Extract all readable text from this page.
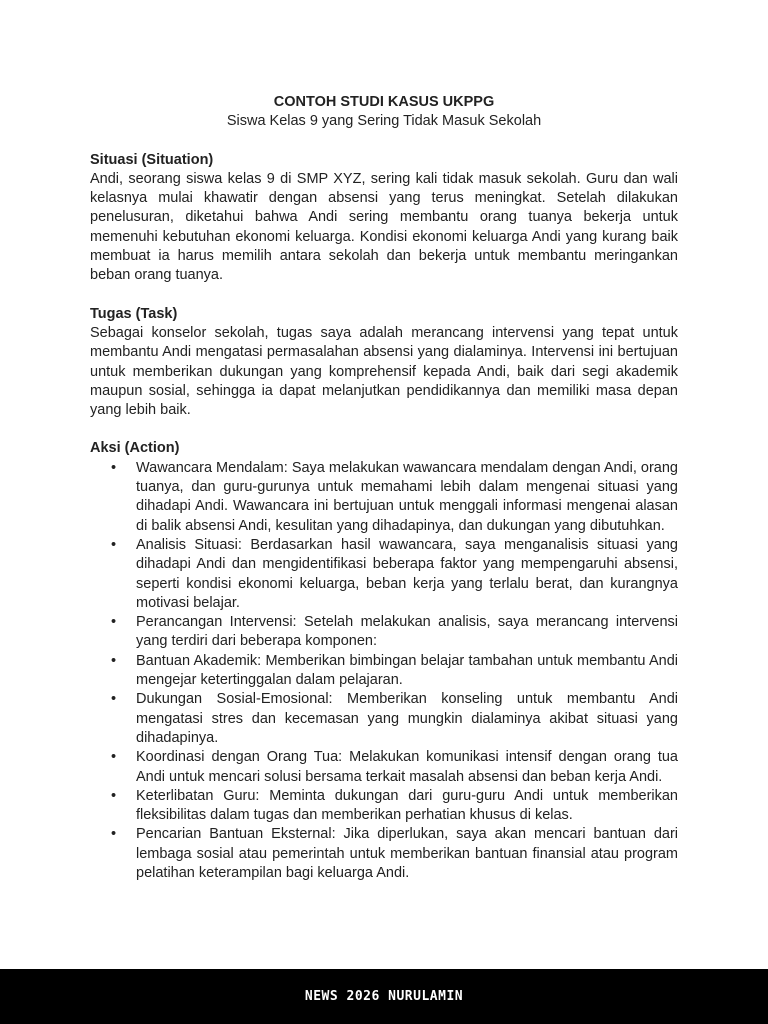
CONTOH STUDI KASUS UKPPG

Siswa Kelas 9 yang Sering Tidak Masuk Sekolah

Situasi (Situation)

Andi, seorang siswa kelas 9 di SMP XYZ, sering kali tidak masuk sekolah. Guru dan wali kelasnya mulai khawatir dengan absensi yang terus meningkat. Setelah dilakukan penelusuran, diketahui bahwa Andi sering membantu orang tuanya bekerja untuk memenuhi kebutuhan ekonomi keluarga. Kondisi ekonomi keluarga Andi yang kurang baik membuat ia harus memilih antara sekolah dan bekerja untuk membantu meringankan beban orang tuanya.

Tugas (Task)

Sebagai konselor sekolah, tugas saya adalah merancang intervensi yang tepat untuk membantu Andi mengatasi permasalahan absensi yang dialaminya. Intervensi ini bertujuan untuk memberikan dukungan yang komprehensif kepada Andi, baik dari segi akademik maupun sosial, sehingga ia dapat melanjutkan pendidikannya dan memiliki masa depan yang lebih baik.

Aksi (Action)

• Wawancara Mendalam: Saya melakukan wawancara mendalam dengan Andi, orang tuanya, dan guru-gurunya untuk memahami lebih dalam mengenai situasi yang dihadapi Andi. Wawancara ini bertujuan untuk menggali informasi mengenai alasan di balik absensi Andi, kesulitan yang dihadapinya, dan dukungan yang dibutuhkan.
• Analisis Situasi: Berdasarkan hasil wawancara, saya menganalisis situasi yang dihadapi Andi dan mengidentifikasi beberapa faktor yang mempengaruhi absensi, seperti kondisi ekonomi keluarga, beban kerja yang terlalu berat, dan kurangnya motivasi belajar.
• Perancangan Intervensi: Setelah melakukan analisis, saya merancang intervensi yang terdiri dari beberapa komponen:
• Bantuan Akademik: Memberikan bimbingan belajar tambahan untuk membantu Andi mengejar ketertinggalan dalam pelajaran.
• Dukungan Sosial-Emosional: Memberikan konseling untuk membantu Andi mengatasi stres dan kecemasan yang mungkin dialaminya akibat situasi yang dihadapinya.
• Koordinasi dengan Orang Tua: Melakukan komunikasi intensif dengan orang tua Andi untuk mencari solusi bersama terkait masalah absensi dan beban kerja Andi.
• Keterlibatan Guru: Meminta dukungan dari guru-guru Andi untuk memberikan fleksibilitas dalam tugas dan memberikan perhatian khusus di kelas.
• Pencarian Bantuan Eksternal: Jika diperlukan, saya akan mencari bantuan dari lembaga sosial atau pemerintah untuk memberikan bantuan finansial atau program pelatihan keterampilan bagi keluarga Andi.
NEWS 2026 NURULAMIN
